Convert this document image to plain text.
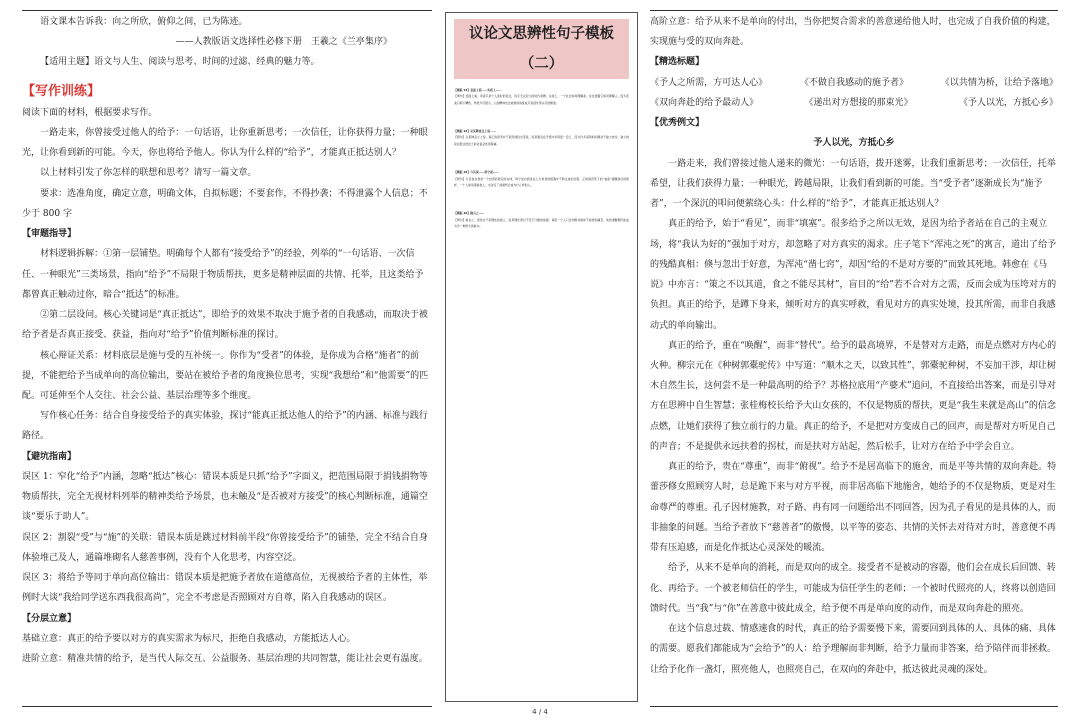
语文课本告诉我：向之所欣，俯仰之间，已为陈迹。

——人教版语文选择性必修下册　王羲之《兰亭集序》

【适用主题】语文与人生、阅读与思考、时间的过滤、经典的魅力等。

【写作训练】

阅读下面的材料，根据要求写作。

一路走来，你曾接受过他人的给予：一句话语，让你重新思考；一次信任，让你获得力量；一种眼光，让你看到新的可能。今天，你也将给予他人。你认为什么样的“给予”，才能真正抵达别人？

以上材料引发了你怎样的联想和思考？请写一篇文章。

要求：选准角度，确定立意，明确文体，自拟标题；不要套作，不得抄袭；不得泄露个人信息；不少于 800 字

【审题指导】

材料逻辑拆解：①第一层铺垫。明确每个人都有“接受给予”的经验，列举的“一句话语、一次信任、一种眼光”三类场景，指向“给予”不局限于物质帮扶，更多是精神层面的共情、托举，且这类给予都曾真正触动过你，暗合“抵达”的标准。

②第二层设问。核心关键词是“真正抵达”，即给予的效果不取决于施予者的自我感动，而取决于被给予者是否真正接受、获益，指向对“给予”价值判断标准的探讨。

核心辩证关系：材料底层是施与受的互补统一。你作为“受者”的体验，是你成为合格“施者”的前提，不能把给予当成单向的高位输出，要站在被给予者的角度换位思考，实现“我想给”和“他需要”的匹配。可延伸至个人交往、社会公益、基层治理等多个维度。

写作核心任务：结合自身接受给予的真实体验，探讨“能真正抵达他人的给予”的内涵、标准与践行路径。

【避坑指南】

误区 1：窄化“给予”内涵，忽略“抵达”核心：错误本质是只抓“给予”字面义，把范围局限于捐钱捐物等物质帮扶，完全无视材料列举的精神类给予场景，也未触及“是否被对方接受”的核心判断标准，通篇空谈“要乐于助人”。

误区 2：割裂“受”与“施”的关联：错误本质是跳过材料前半段“你曾接受给予”的铺垫，完全不结合自身体验堆己及人，通篇堆砌名人慈善事例，没有个人化思考，内容空泛。

误区 3：将给予等同于单向高位输出：错误本质是把施予者放在道德高位，无视被给予者的主体性，举例时大谈“我给同学送东西我很高尚”，完全不考虑是否照顾对方自尊，陷入自我感动的误区。

【分层立意】

基础立意：真正的给予要以对方的真实需求为标尺，拒绝自我感动，方能抵达人心。

进阶立意：精准共情的给予，是当代人际交互、公益服务、基层治理的共同智慧，能让社会更有温度。

议论文思辨性句子模板（二）

【模板 23】表面上看……实质上……

【例句】表面上看，审美只是个人喜好的表达，似乎无关宏大的时代命题；实质上，一个社会如何理解美，往往透露它如何理解人，因为若美只剩下精致、昂贵与可展示，人的精神也会被悄悄训练成只追逐外部认可的橱窗。

【模板 24】从某种意义上说……

【例句】从某种意义上说，真正的思考并不是迅速给出答案，而是愿意在矛盾中多停留一会儿，因为许多深刻的问题并不缺少结论，缺少的是在抵达结论之前对复杂性的尊重。

【模板 25】与其说……毋宁说……

【例句】与其说自我是一个封闭而稳定的实体，毋宁说自我是在人与他者的相遇中不断生成的过程，正如鲁迅笔下的“看客”提醒我们的那样，一个人如何观看他人，也决定了他最终会成为什么样的人。

【模板 26】换言之……

【例句】换言之，感性并不是理性的敌人，而是理性得以不至于冷酷的前提；倘若一个人只会判断对错却不能感知痛苦，他的清醒便可能成为另一种形式的麻木。

高阶立意：给予从来不是单向的付出，当你把契合需求的善意递给他人时，也完成了自我价值的构建，实现施与受的双向奔赴。

【精选标题】

《予人之所需，方可达人心》	《不做自我感动的施予者》	《以共情为桥，让给予落地》
《双向奔赴的给予最动人》	《递出对方想接的那束光》	《予人以光，方抵心乡》

【优秀例文】

予人以光，方抵心乡

一路走来，我们曾接过他人递来的微光：一句话语，拨开迷雾，让我们重新思考；一次信任，托举希望，让我们获得力量；一种眼光，跨越局限，让我们看到新的可能。当“受予者”逐渐成长为“施予者”，一个深沉的叩问便萦绕心头：什么样的“给予”，才能真正抵达别人？

真正的给予，始于“看见”，而非“填塞”。很多给予之所以无效，是因为给予者站在自己的主观立场，将“我认为好的”强加于对方，却忽略了对方真实的渴求。庄子笔下“浑沌之死”的寓言，道出了给予的残酷真相：倏与忽出于好意，为浑沌“凿七窍”，却因“给的不是对方要的”而致其死地。韩愈在《马说》中亦言：“策之不以其道，食之不能尽其材”，盲目的“给”若不合对方之需，反而会成为压垮对方的负担。真正的给予，是蹲下身来，倾听对方的真实呼救，看见对方的真实处境，投其所需，而非自我感动式的单向输出。

真正的给予，重在“唤醒”，而非“替代”。给予的最高境界，不是替对方走路，而是点燃对方内心的火种。柳宗元在《种树郭橐驼传》中写道：“顺木之天，以致其性”，郭橐驼种树，不妄加干涉，却让树木自然生长，这何尝不是一种最高明的给予？苏格拉底用“产婆术”追问，不直接给出答案，而是引导对方在思辨中自生智慧；张桂梅校长给予大山女孩的，不仅是物质的帮扶，更是“我生来就是高山”的信念点燃，让她们获得了独立前行的力量。真正的给予，不是把对方变成自己的回声，而是帮对方听见自己的声音；不是提供永远扶着的拐杖，而是扶对方站起，然后松手，让对方在给予中学会自立。

真正的给予，贵在“尊重”，而非“俯视”。给予不是居高临下的施舍，而是平等共情的双向奔赴。特蕾莎修女照顾穷人时，总是跪下来与对方平视，而非居高临下地施舍，她给予的不仅是物质，更是对生命尊严的尊重。孔子因材施教，对子路、冉有同一问题给出不同回答，因为孔子看见的是具体的人，而非抽象的问题。当给予者放下“慈善者”的傲慢，以平等的姿态、共情的关怀去对待对方时，善意便不再带有压迫感，而是化作抵达心灵深处的暖流。

给予，从来不是单向的消耗，而是双向的成全。接受者不是被动的容器，他们会在成长后回馈、转化、再给予。一个被老师信任的学生，可能成为信任学生的老师；一个被时代照亮的人，终将以创造回馈时代。当“我”与“你”在善意中彼此成全，给予便不再是单向度的动作，而是双向奔赴的照亮。

在这个信息过载、情感速食的时代，真正的给予需要慢下来，需要回到具体的人、具体的痛、具体的需要。愿我们都能成为“会给予”的人：给予理解而非判断，给予力量而非答案，给予陪伴而非拯救。让给予化作一盏灯，照亮他人，也照亮自己，在双向的奔赴中，抵达彼此灵魂的深处。

4 / 4
